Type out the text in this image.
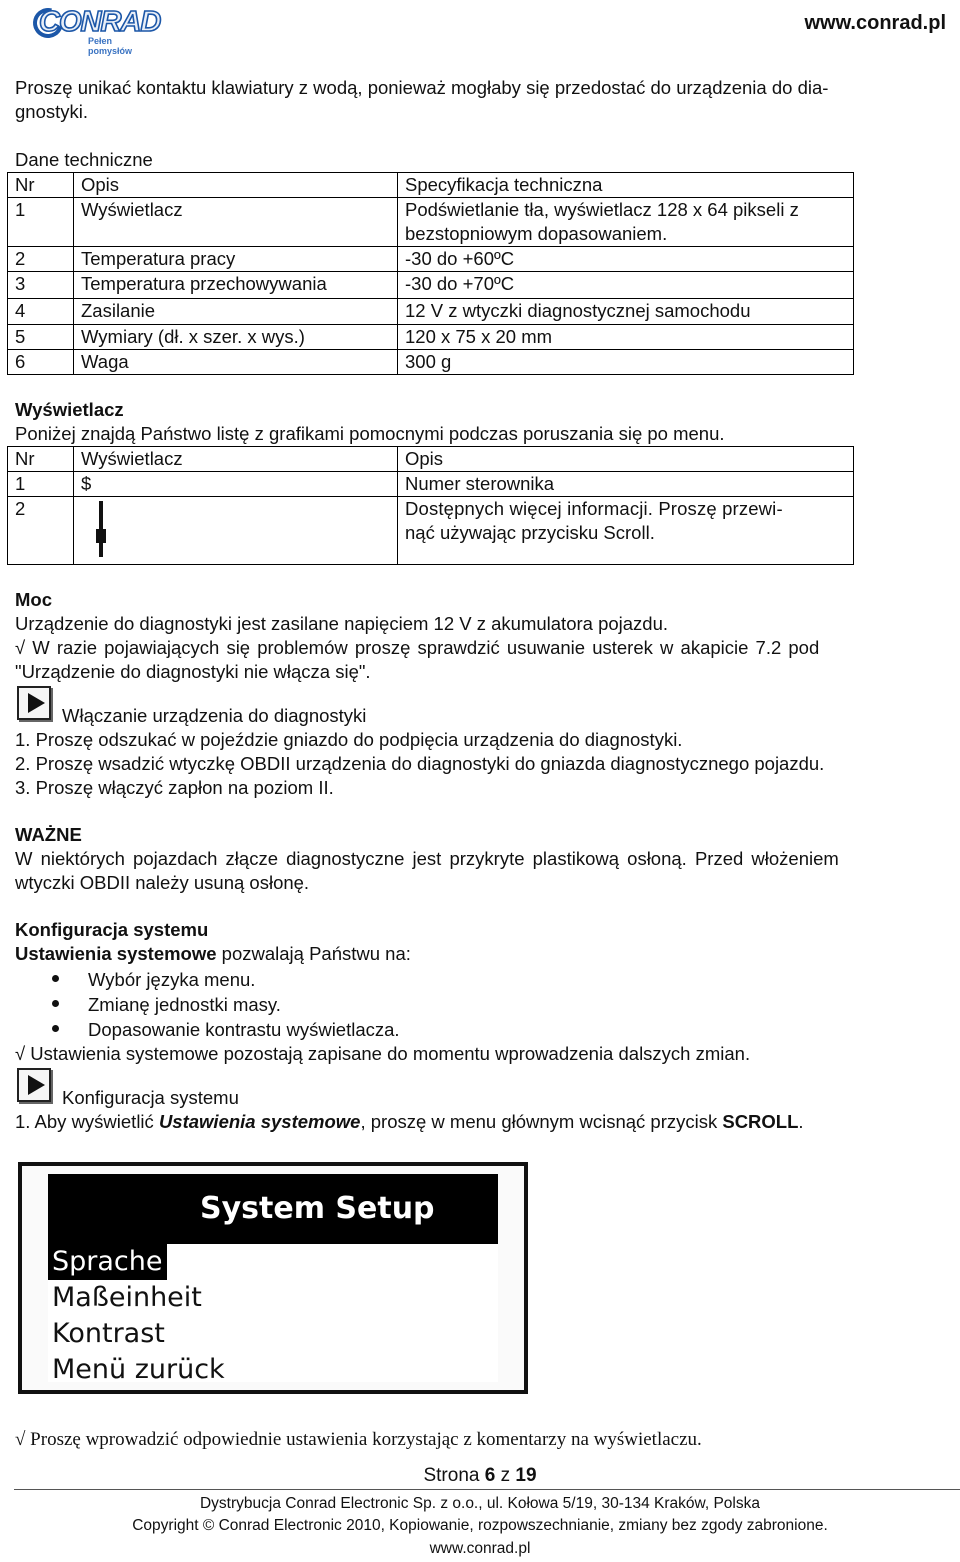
CONRAD
Pełen pomysłów
www.conrad.pl
Proszę unikać kontaktu klawiatury z wodą, ponieważ mogłaby się przedostać do urządzenia do dia-
gnostyki.
Dane techniczne
Nr	Opis	Specyfikacja techniczna
1	Wyświetlacz	Podświetlanie tła, wyświetlacz 128 x 64 pikseli z bezstopniowym dopasowaniem.
2	Temperatura pracy	-30 do +60ºC
3	Temperatura przechowywania	-30 do +70ºC
4	Zasilanie	12 V z wtyczki diagnostycznej samochodu
5	Wymiary (dł. x szer. x wys.)	120 x 75 x 20 mm
6	Waga	300 g
Wyświetlacz
Poniżej znajdą Państwo listę z grafikami pomocnymi podczas poruszania się po menu.
Nr	Wyświetlacz	Opis
1	$	Numer sterownika
2		Dostępnych więcej informacji. Proszę przewi-
nąć używając przycisku Scroll.
Moc
Urządzenie do diagnostyki jest zasilane napięciem 12 V z akumulatora pojazdu.
√ W razie pojawiających się problemów proszę sprawdzić usuwanie usterek w akapicie 7.2 pod
"Urządzenie do diagnostyki nie włącza się".
Włączanie urządzenia do diagnostyki
1. Proszę odszukać w pojeździe gniazdo do podpięcia urządzenia do diagnostyki.
2. Proszę wsadzić wtyczkę OBDII urządzenia do diagnostyki do gniazda diagnostycznego pojazdu.
3. Proszę włączyć zapłon na poziom II.
WAŻNE
W niektórych pojazdach złącze diagnostyczne jest przykryte plastikową osłoną. Przed włożeniem
wtyczki OBDII należy usuną osłonę.
Konfiguracja systemu
Ustawienia systemowe pozwalają Państwu na:
Wybór języka menu.
Zmianę jednostki masy.
Dopasowanie kontrastu wyświetlacza.
√ Ustawienia systemowe pozostają zapisane do momentu wprowadzenia dalszych zmian.
Konfiguracja systemu
1. Aby wyświetlić Ustawienia systemowe, proszę w menu głównym wcisnąć przycisk SCROLL.
System Setup
Sprache
Maßeinheit
Kontrast
Menü zurück
√ Proszę wprowadzić odpowiednie ustawienia korzystając z komentarzy na wyświetlaczu.
Strona 6 z 19
Dystrybucja Conrad Electronic Sp. z o.o., ul. Kołowa 5/19, 30-134 Kraków, Polska
Copyright © Conrad Electronic 2010, Kopiowanie, rozpowszechnianie, zmiany bez zgody zabronione.
www.conrad.pl
